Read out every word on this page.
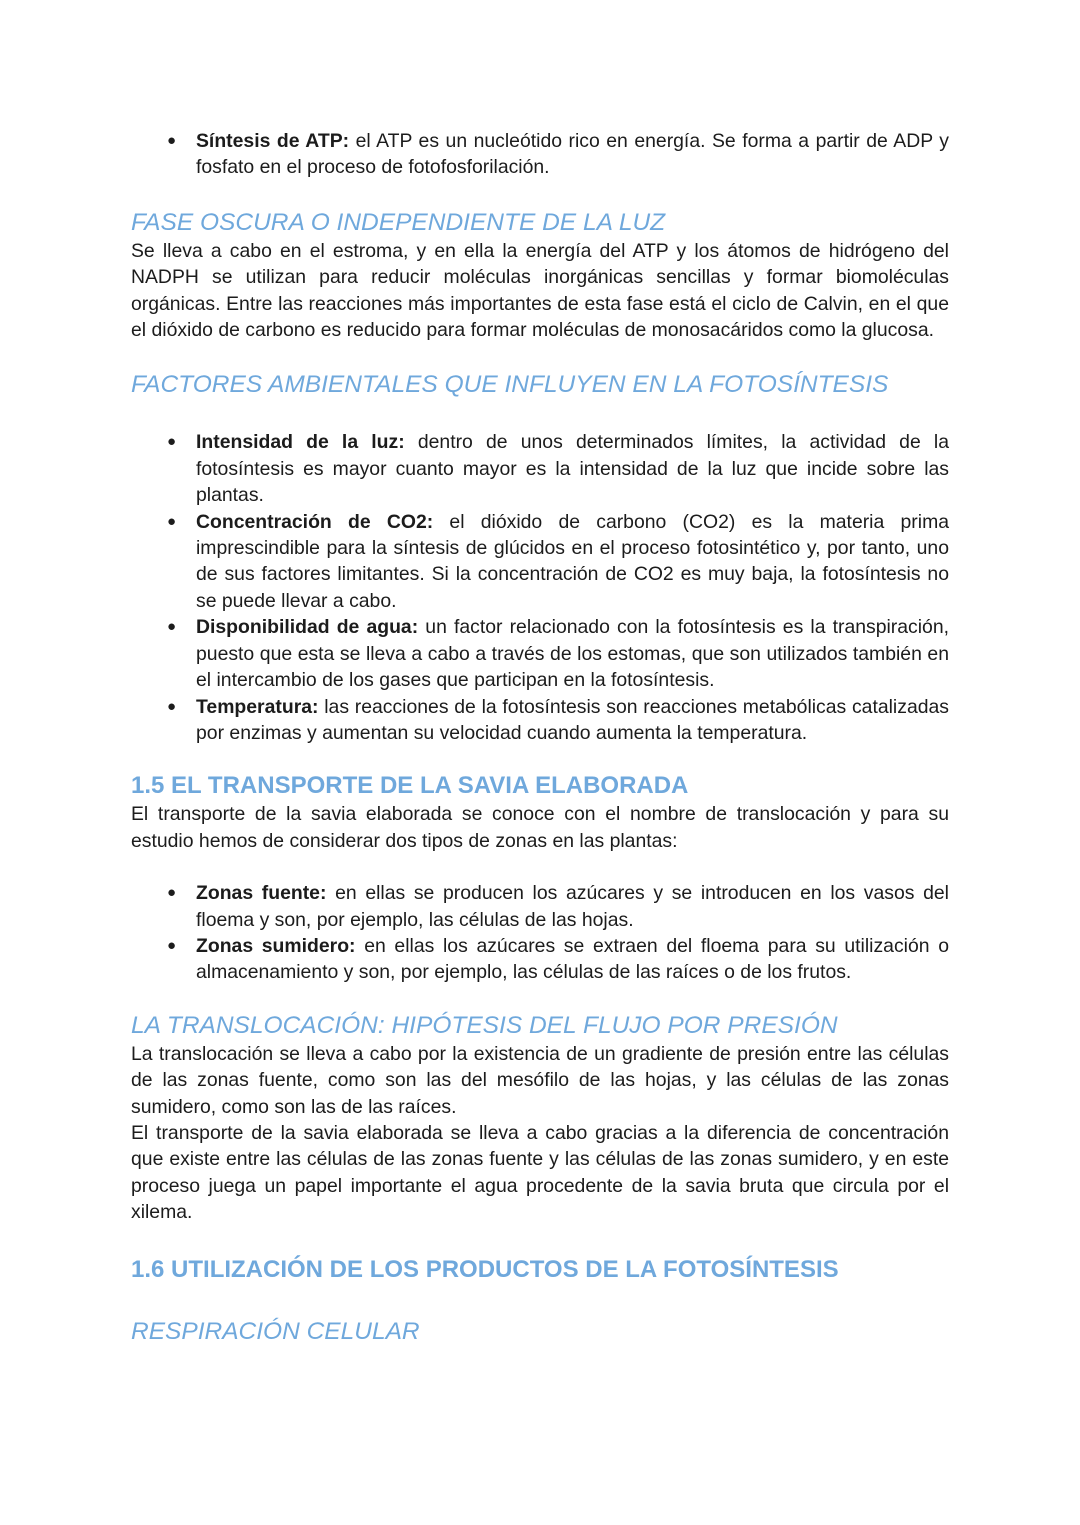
● Síntesis de ATP: el ATP es un nucleótido rico en energía. Se forma a partir de ADP y fosfato en el proceso de fotofosforilación.
FASE OSCURA O INDEPENDIENTE DE LA LUZ

Se lleva a cabo en el estroma, y en ella la energía del ATP y los átomos de hidrógeno del NADPH se utilizan para reducir moléculas inorgánicas sencillas y formar biomoléculas orgánicas. Entre las reacciones más importantes de esta fase está el ciclo de Calvin, en el que el dióxido de carbono es reducido para formar moléculas de monosacáridos como la glucosa.

FACTORES AMBIENTALES QUE INFLUYEN EN LA FOTOSÍNTESIS
● Intensidad de la luz: dentro de unos determinados límites, la actividad de la fotosíntesis es mayor cuanto mayor es la intensidad de la luz que incide sobre las plantas.
● Concentración de CO2: el dióxido de carbono (CO2) es la materia prima imprescindible para la síntesis de glúcidos en el proceso fotosintético y, por tanto, uno de sus factores limitantes. Si la concentración de CO2 es muy baja, la fotosíntesis no se puede llevar a cabo.
● Disponibilidad de agua: un factor relacionado con la fotosíntesis es la transpiración, puesto que esta se lleva a cabo a través de los estomas, que son utilizados también en el intercambio de los gases que participan en la fotosíntesis.
● Temperatura: las reacciones de la fotosíntesis son reacciones metabólicas catalizadas por enzimas y aumentan su velocidad cuando aumenta la temperatura.
1.5 EL TRANSPORTE DE LA SAVIA ELABORADA

El transporte de la savia elaborada se conoce con el nombre de translocación y para su estudio hemos de considerar dos tipos de zonas en las plantas:

● Zonas fuente: en ellas se producen los azúcares y se introducen en los vasos del floema y son, por ejemplo, las células de las hojas.
● Zonas sumidero: en ellas los azúcares se extraen del floema para su utilización o almacenamiento y son, por ejemplo, las células de las raíces o de los frutos.
LA TRANSLOCACIÓN: HIPÓTESIS DEL FLUJO POR PRESIÓN

La translocación se lleva a cabo por la existencia de un gradiente de presión entre las células de las zonas fuente, como son las del mesófilo de las hojas, y las células de las zonas sumidero, como son las de las raíces.

El transporte de la savia elaborada se lleva a cabo gracias a la diferencia de concentración que existe entre las células de las zonas fuente y las células de las zonas sumidero, y en este proceso juega un papel importante el agua procedente de la savia bruta que circula por el xilema.

1.6 UTILIZACIÓN DE LOS PRODUCTOS DE LA FOTOSÍNTESIS
RESPIRACIÓN CELULAR
